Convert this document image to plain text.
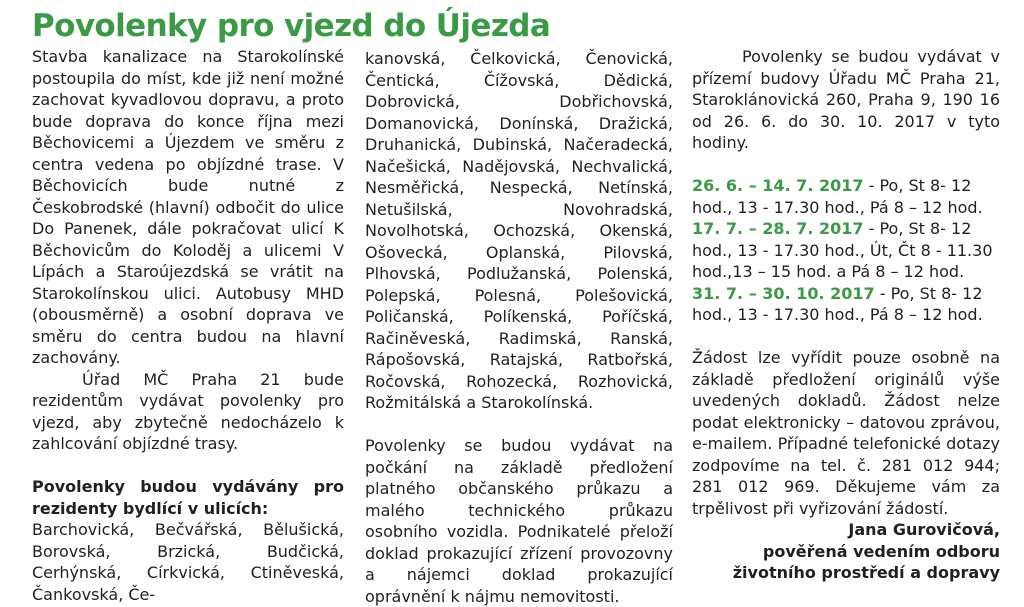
Povolenky pro vjezd do Újezda

Stavba kanalizace na Starokolínské postoupila do míst, kde již není možné zachovat kyvadlovou dopravu, a proto bude doprava do konce října mezi Běchovicemi a Újezdem ve směru z centra vedena po objízdné trase. V Běchovicích bude nutné z Českobrodské (hlavní) odbočit do ulice Do Panenek, dále pokračovat ulicí K Běchovicům do Koloděj a ulicemi V Lípách a Staroújezdská se vrátit na Starokolínskou ulici. Autobusy MHD (obousměrně) a osobní doprava ve směru do centra budou na hlavní zachovány.

Úřad MČ Praha 21 bude rezidentům vydávat povolenky pro vjezd, aby zbytečně nedocházelo k zahlcování objízdné trasy.

Povolenky budou vydávány pro rezidenty bydlící v ulicích:

Barchovická, Bečvářská, Bělušická, Borovská, Brzická, Budčická, Cerhýnská, Církvická, Ctiněveská, Čankovská, Če-

kanovská, Čelkovická, Čenovická, Čentická, Čížovská, Dědická, Dobrovická, Dobřichovská, Domanovická, Donínská, Dražická, Druhanická, Dubinská, Načeradecká, Načešická, Nadějovská, Nechvalická, Nesměřická, Nespecká, Netínská, Netušilská, Novohradská, Novolhotská, Ochozská, Okenská, Ošovecká, Oplanská, Pilovská, Plhovská, Podlužanská, Polenská, Polepská, Polesná, Polešovická, Poličanská, Políkenská, Poříčská, Račiněveská, Radimská, Ranská, Rápošovská, Ratajská, Ratbořská, Ročovská, Rohozecká, Rozhovická, Rožmitálská a Starokolínská.

Povolenky se budou vydávat na počkání na základě předložení platného občanského průkazu a malého technického průkazu osobního vozidla. Podnikatelé přeloží doklad prokazující zřízení provozovny a nájemci doklad prokazující oprávnění k nájmu nemovitosti.

Povolenky se budou vydávat v přízemí budovy Úřadu MČ Praha 21, Staroklánovická 260, Praha 9, 190 16 od 26. 6. do 30. 10. 2017 v tyto hodiny.

26. 6. – 14. 7. 2017 - Po, St 8- 12 hod., 13 - 17.30 hod., Pá 8 – 12 hod.

17. 7. – 28. 7. 2017 - Po, St 8- 12 hod., 13 - 17.30 hod., Út, Čt 8 - 11.30 hod.,13 – 15 hod. a Pá 8 – 12 hod.

31. 7. – 30. 10. 2017 - Po, St 8- 12 hod., 13 - 17.30 hod., Pá 8 – 12 hod.

Žádost lze vyřídit pouze osobně na základě předložení originálů výše uvedených dokladů. Žádost nelze podat elektronicky – datovou zprávou, e-mailem. Případné telefonické dotazy zodpovíme na tel. č. 281 012 944; 281 012 969. Děkujeme vám za trpělivost při vyřizování žádostí.

Jana Gurovičová,

pověřená vedením odboru

životního prostředí a dopravy
